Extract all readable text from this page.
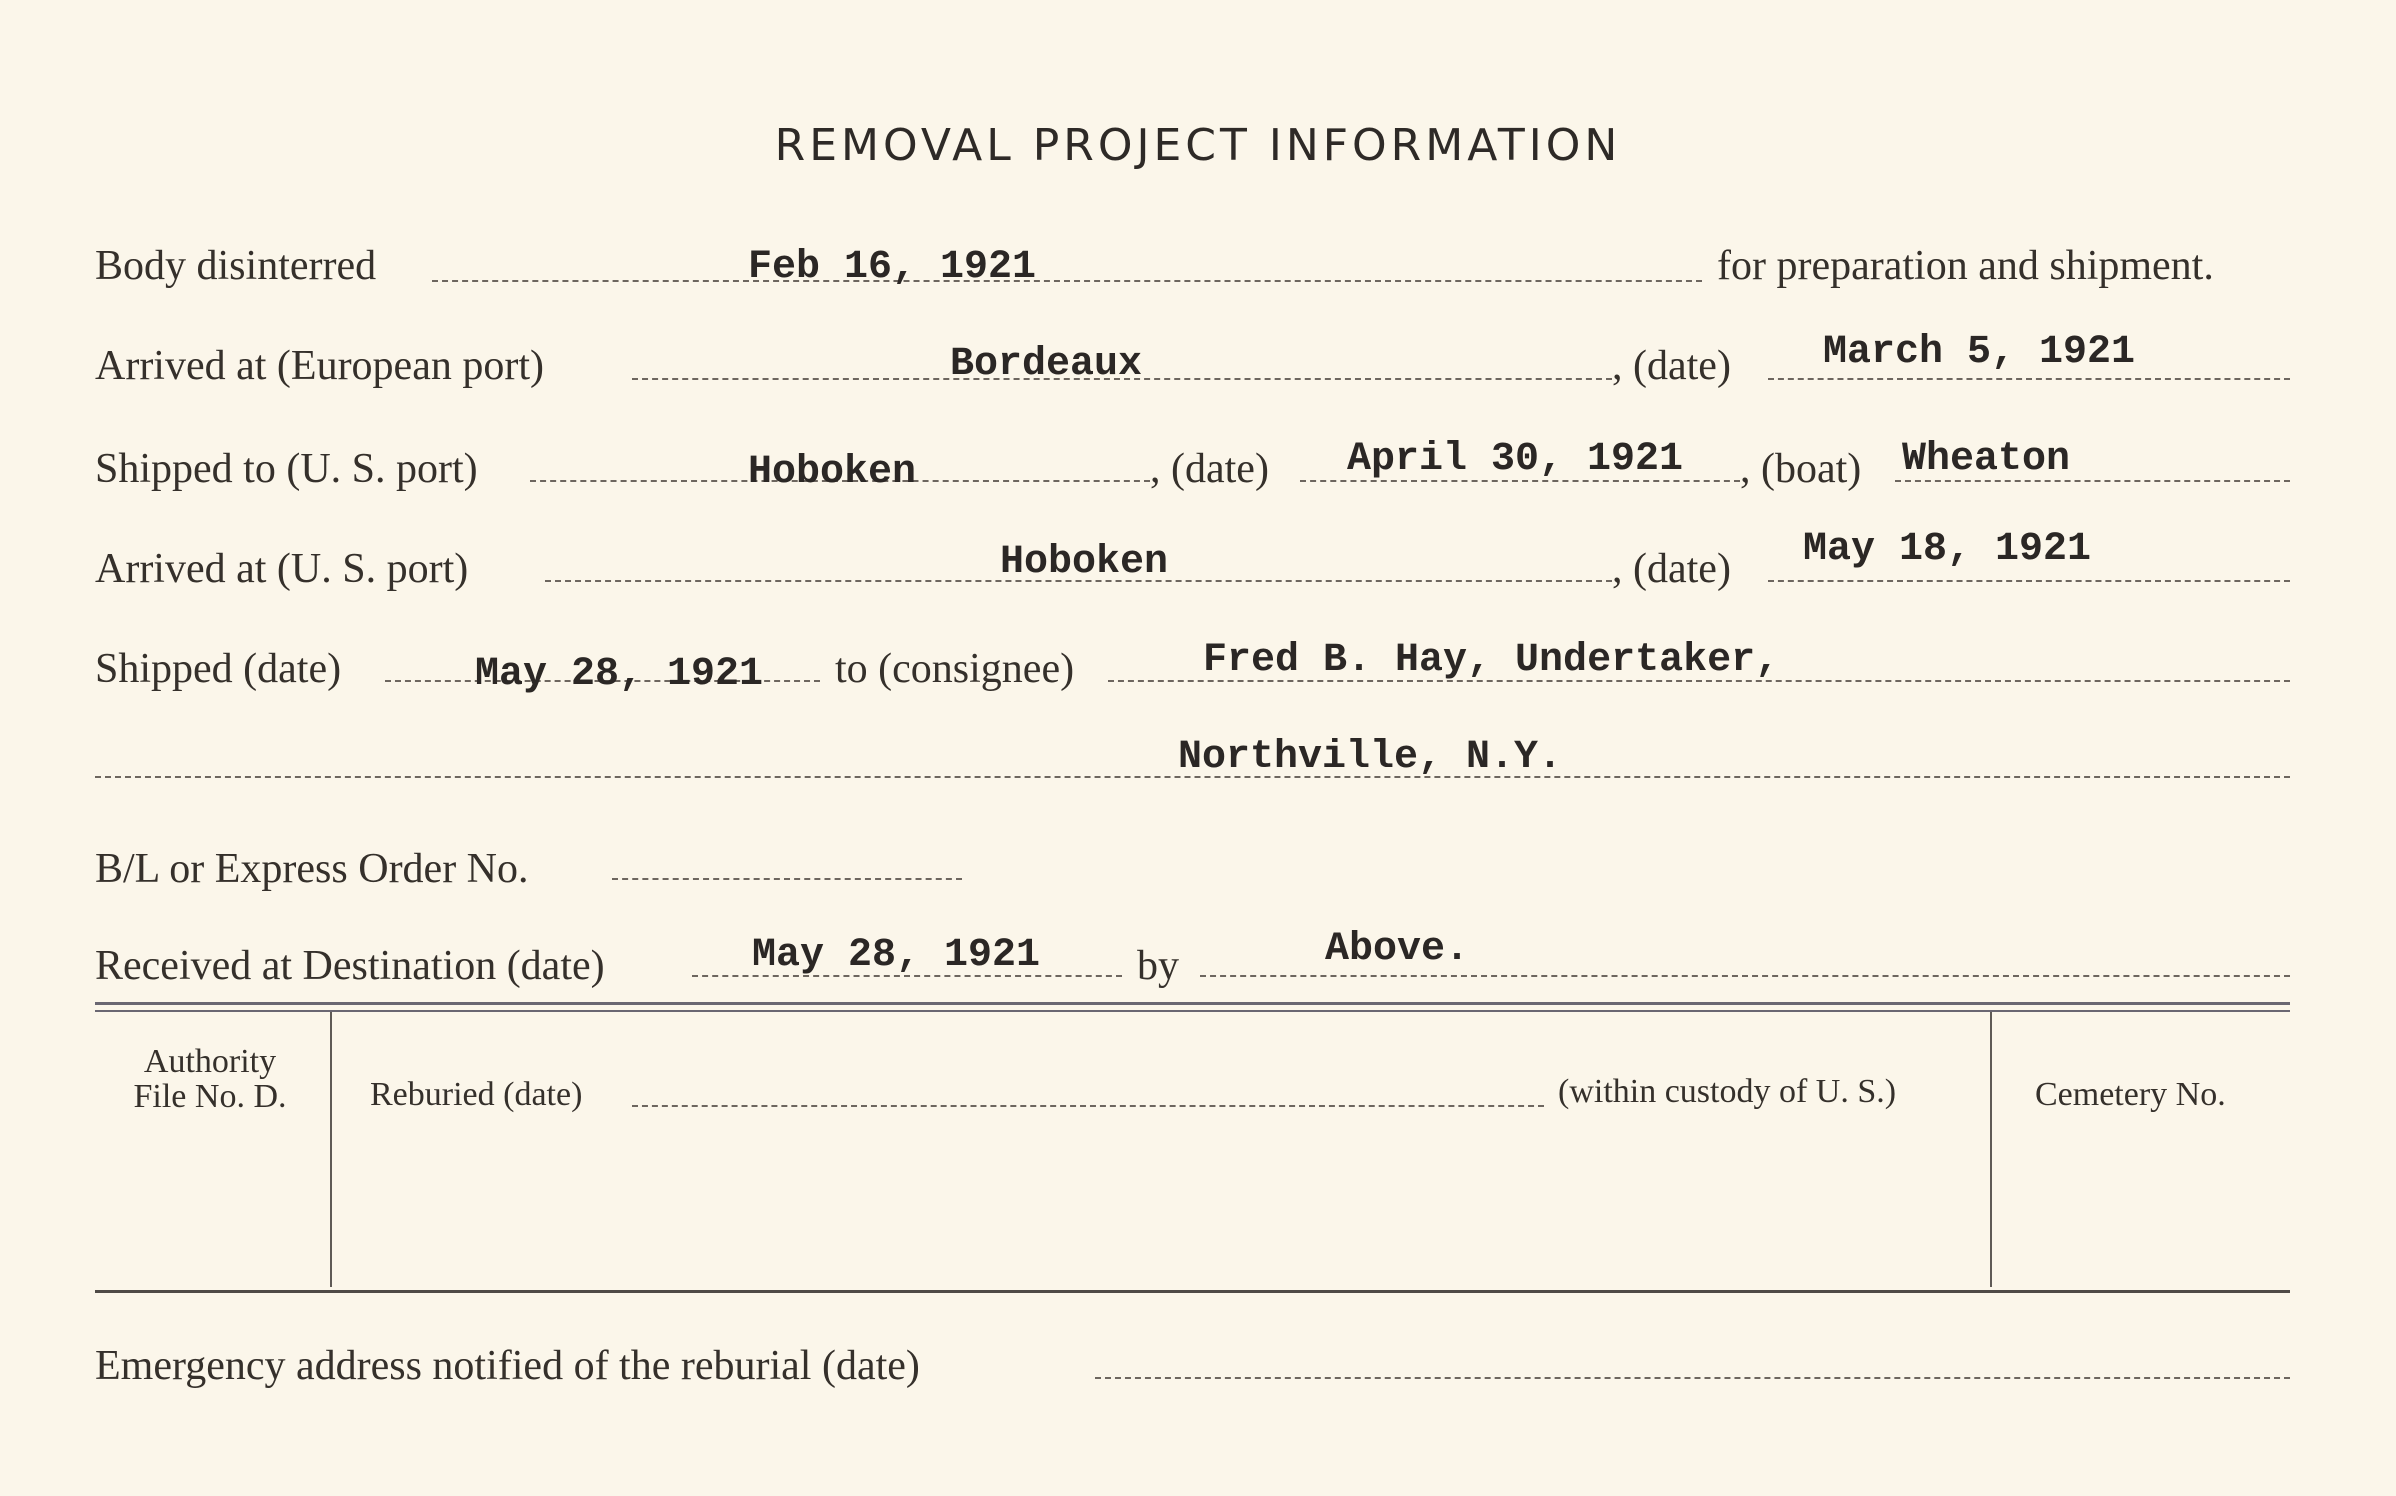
REMOVAL PROJECT INFORMATION
Body disinterred	Feb 16, 1921	for preparation and shipment.
Arrived at (European port)	Bordeaux	, (date) March 5, 1921
Shipped to (U. S. port)	Hoboken	, (date) April 30, 1921 , (boat) Wheaton
Arrived at (U. S. port)	Hoboken	, (date) May 18, 1921
Shipped (date)	May 28, 1921 to (consignee)	Fred B. Hay, Undertaker,
Northville, N.Y.
B/L or Express Order No.
Received at Destination (date)	May 28, 1921 by	Above.
Authority
File No. D.	Reburied (date)	(within custody of U. S.)	Cemetery No.
Emergency address notified of the reburial (date)
